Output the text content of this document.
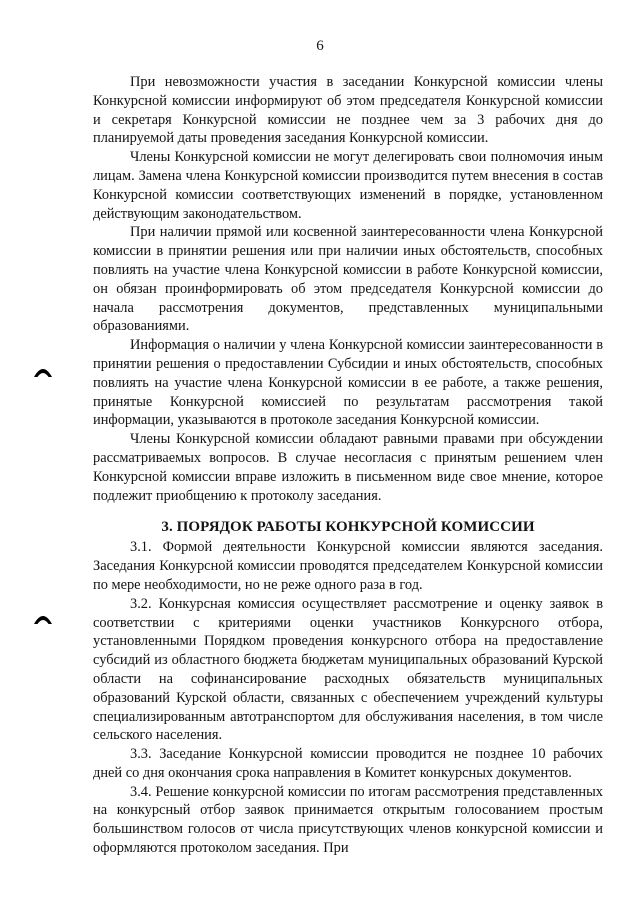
6

При невозможности участия в заседании Конкурсной комиссии члены Конкурсной комиссии информируют об этом председателя Конкурсной комиссии и секретаря Конкурсной комиссии не позднее чем за 3 рабочих дня до планируемой даты проведения заседания Конкурсной комиссии.

Члены Конкурсной комиссии не могут делегировать свои полномочия иным лицам. Замена члена Конкурсной комиссии производится путем внесения в состав Конкурсной комиссии соответствующих изменений в порядке, установленном действующим законодательством.

При наличии прямой или косвенной заинтересованности члена Конкурсной комиссии в принятии решения или при наличии иных обстоятельств, способных повлиять на участие члена Конкурсной комиссии в работе Конкурсной комиссии, он обязан проинформировать об этом председателя Конкурсной комиссии до начала рассмотрения документов, представленных муниципальными образованиями.

Информация о наличии у члена Конкурсной комиссии заинтересованности в принятии решения о предоставлении Субсидии и иных обстоятельств, способных повлиять на участие члена Конкурсной комиссии в ее работе, а также решения, принятые Конкурсной комиссией по результатам рассмотрения такой информации, указываются в протоколе заседания Конкурсной комиссии.

Члены Конкурсной комиссии обладают равными правами при обсуждении рассматриваемых вопросов. В случае несогласия с принятым решением член Конкурсной комиссии вправе изложить в письменном виде свое мнение, которое подлежит приобщению к протоколу заседания.

3. ПОРЯДОК РАБОТЫ КОНКУРСНОЙ КОМИССИИ

3.1. Формой деятельности Конкурсной комиссии являются заседания. Заседания Конкурсной комиссии проводятся председателем Конкурсной комиссии по мере необходимости, но не реже одного раза в год.

3.2. Конкурсная комиссия осуществляет рассмотрение и оценку заявок в соответствии с критериями оценки участников Конкурсного отбора, установленными Порядком проведения конкурсного отбора на предоставление субсидий из областного бюджета бюджетам муниципальных образований Курской области на софинансирование расходных обязательств муниципальных образований Курской области, связанных с обеспечением учреждений культуры специализированным автотранспортом для обслуживания населения, в том числе сельского населения.

3.3. Заседание Конкурсной комиссии проводится не позднее 10 рабочих дней со дня окончания срока направления в Комитет конкурсных документов.

3.4. Решение конкурсной комиссии по итогам рассмотрения представленных на конкурсный отбор заявок принимается открытым голосованием простым большинством голосов от числа присутствующих членов конкурсной комиссии и оформляются протоколом заседания. При
